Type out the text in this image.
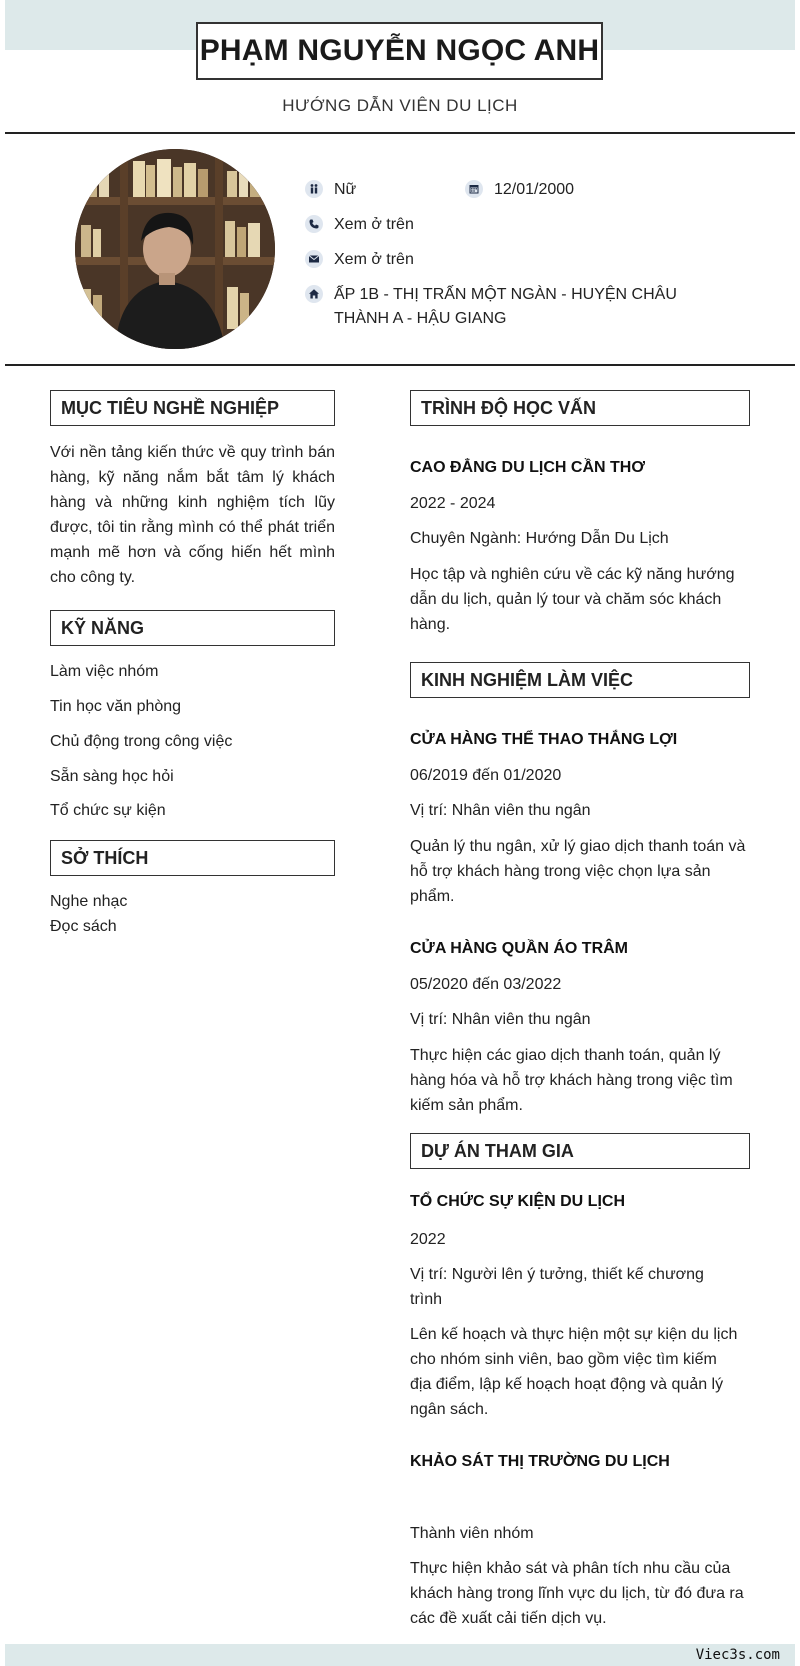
PHẠM NGUYỄN NGỌC ANH
HƯỚNG DẪN VIÊN DU LỊCH
Nữ	12/01/2000
Xem ở trên
Xem ở trên
ẤP 1B - THỊ TRẤN MỘT NGÀN - HUYỆN CHÂU THÀNH A - HẬU GIANG
MỤC TIÊU NGHỀ NGHIỆP
Với nền tảng kiến thức về quy trình bán hàng, kỹ năng nắm bắt tâm lý khách hàng và những kinh nghiệm tích lũy được, tôi tin rằng mình có thể phát triển mạnh mẽ hơn và cống hiến hết mình cho công ty.
KỸ NĂNG
Làm việc nhóm
Tin học văn phòng
Chủ động trong công việc
Sẵn sàng học hỏi
Tổ chức sự kiện
SỞ THÍCH
Nghe nhạc
Đọc sách
TRÌNH ĐỘ HỌC VẤN
CAO ĐẲNG DU LỊCH CẦN THƠ
2022 - 2024
Chuyên Ngành: Hướng Dẫn Du Lịch
Học tập và nghiên cứu về các kỹ năng hướng dẫn du lịch, quản lý tour và chăm sóc khách hàng.
KINH NGHIỆM LÀM VIỆC
CỬA HÀNG THỂ THAO THẮNG LỢI
06/2019 đến 01/2020
Vị trí: Nhân viên thu ngân
Quản lý thu ngân, xử lý giao dịch thanh toán và hỗ trợ khách hàng trong việc chọn lựa sản phẩm.
CỬA HÀNG QUẦN ÁO TRÂM
05/2020 đến 03/2022
Vị trí: Nhân viên thu ngân
Thực hiện các giao dịch thanh toán, quản lý hàng hóa và hỗ trợ khách hàng trong việc tìm kiếm sản phẩm.
DỰ ÁN THAM GIA
TỔ CHỨC SỰ KIỆN DU LỊCH
2022
Vị trí: Người lên ý tưởng, thiết kế chương trình
Lên kế hoạch và thực hiện một sự kiện du lịch cho nhóm sinh viên, bao gồm việc tìm kiếm địa điểm, lập kế hoạch hoạt động và quản lý ngân sách.
KHẢO SÁT THỊ TRƯỜNG DU LỊCH
Thành viên nhóm
Thực hiện khảo sát và phân tích nhu cầu của khách hàng trong lĩnh vực du lịch, từ đó đưa ra các đề xuất cải tiến dịch vụ.
Viec3s.com
